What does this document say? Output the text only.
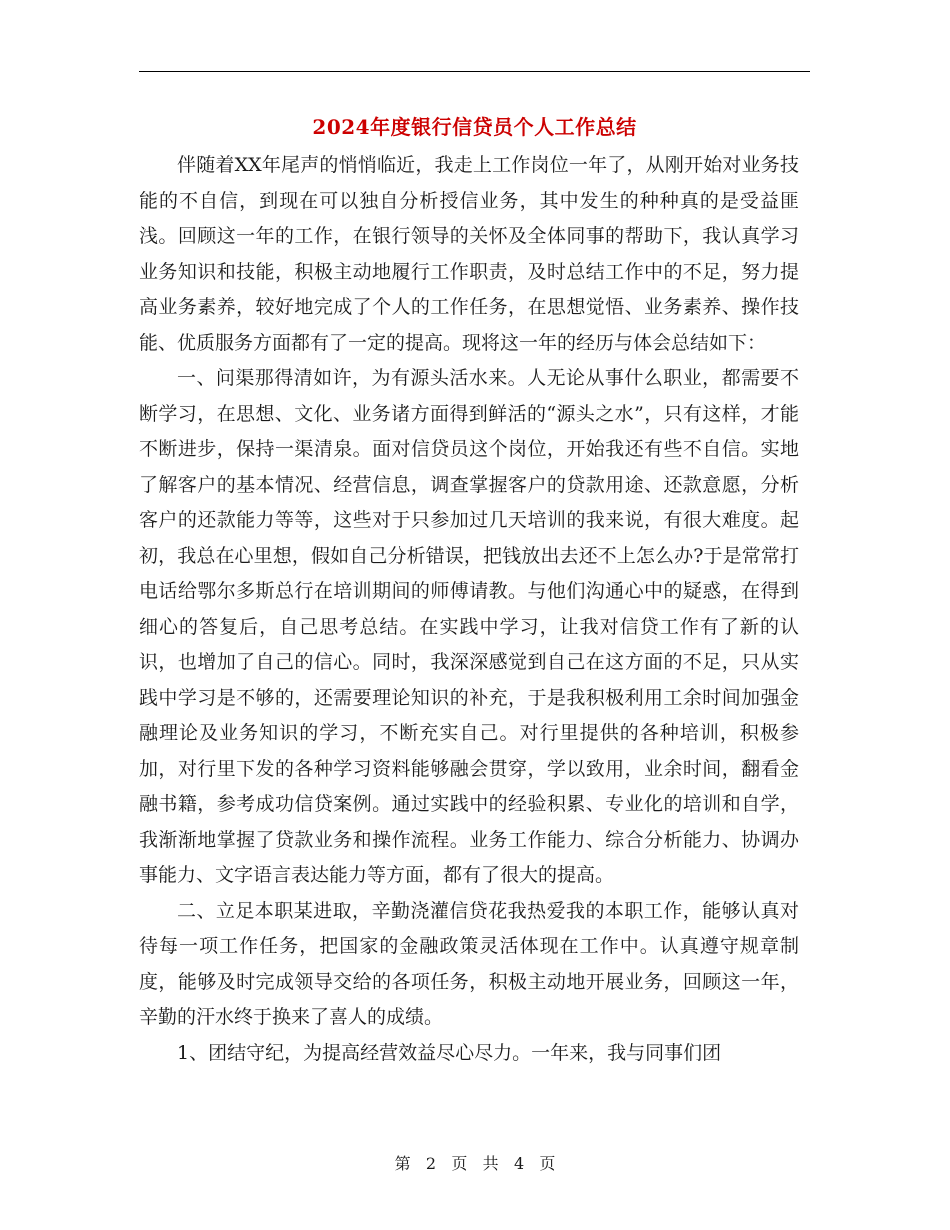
2024年度银行信贷员个人工作总结

伴随着XX年尾声的悄悄临近，我走上工作岗位一年了，从刚开始对业务技能的不自信，到现在可以独自分析授信业务，其中发生的种种真的是受益匪浅。回顾这一年的工作，在银行领导的关怀及全体同事的帮助下，我认真学习业务知识和技能，积极主动地履行工作职责，及时总结工作中的不足，努力提高业务素养，较好地完成了个人的工作任务，在思想觉悟、业务素养、操作技能、优质服务方面都有了一定的提高。现将这一年的经历与体会总结如下：

一、问渠那得清如许，为有源头活水来。人无论从事什么职业，都需要不断学习，在思想、文化、业务诸方面得到鲜活的“源头之水”，只有这样，才能不断进步，保持一渠清泉。面对信贷员这个岗位，开始我还有些不自信。实地了解客户的基本情况、经营信息，调查掌握客户的贷款用途、还款意愿，分析客户的还款能力等等，这些对于只参加过几天培训的我来说，有很大难度。起初，我总在心里想，假如自己分析错误，把钱放出去还不上怎么办?于是常常打电话给鄂尔多斯总行在培训期间的师傅请教。与他们沟通心中的疑惑，在得到细心的答复后，自己思考总结。在实践中学习，让我对信贷工作有了新的认识，也增加了自己的信心。同时，我深深感觉到自己在这方面的不足，只从实践中学习是不够的，还需要理论知识的补充，于是我积极利用工余时间加强金融理论及业务知识的学习，不断充实自己。对行里提供的各种培训，积极参加，对行里下发的各种学习资料能够融会贯穿，学以致用，业余时间，翻看金融书籍，参考成功信贷案例。通过实践中的经验积累、专业化的培训和自学，我渐渐地掌握了贷款业务和操作流程。业务工作能力、综合分析能力、协调办事能力、文字语言表达能力等方面，都有了很大的提高。

二、立足本职某进取，辛勤浇灌信贷花我热爱我的本职工作，能够认真对待每一项工作任务，把国家的金融政策灵活体现在工作中。认真遵守规章制度，能够及时完成领导交给的各项任务，积极主动地开展业务，回顾这一年，辛勤的汗水终于换来了喜人的成绩。

1、团结守纪，为提高经营效益尽心尽力。一年来，我与同事们团

第 2 页 共 4 页
